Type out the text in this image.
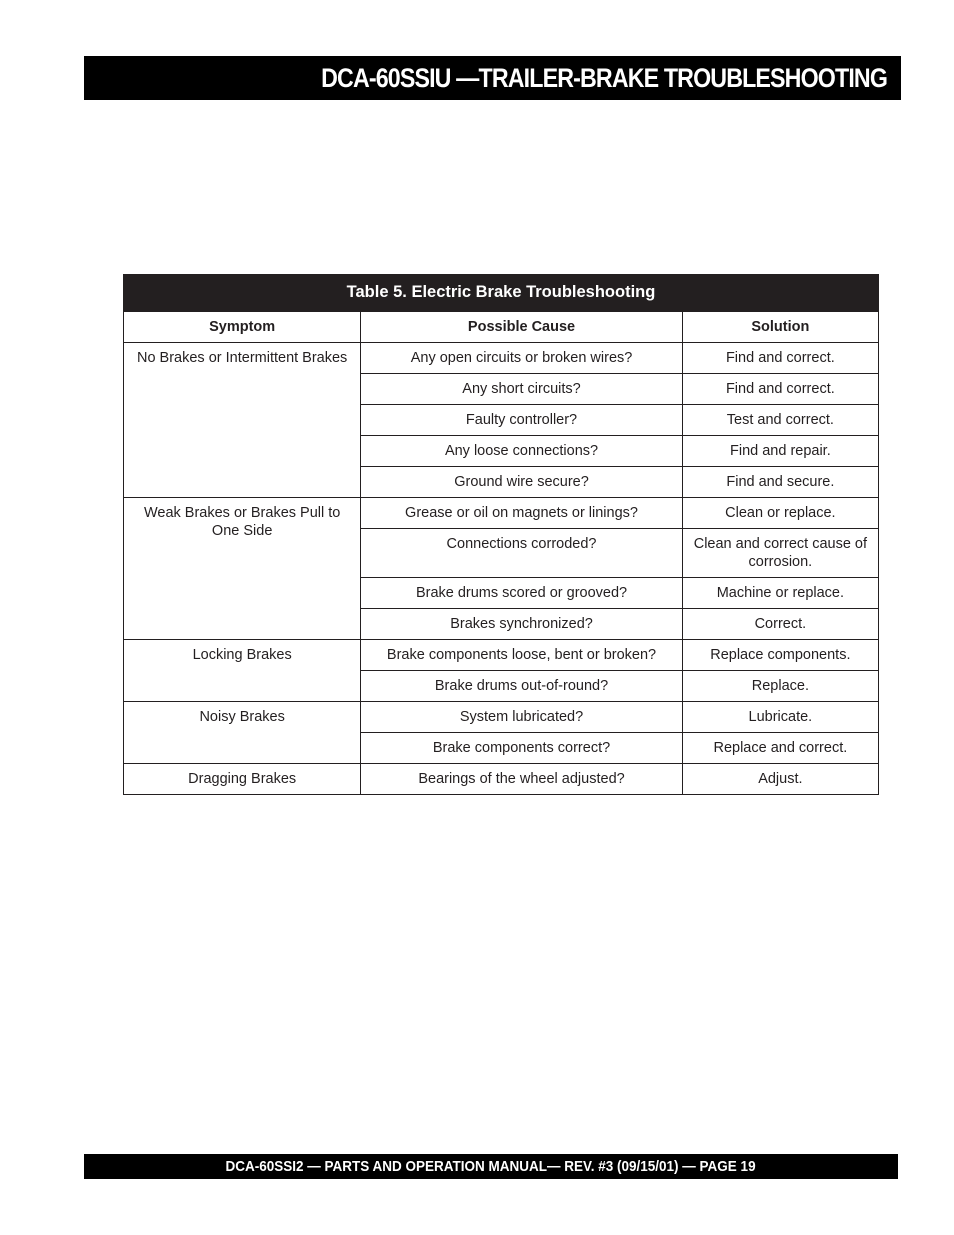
DCA-60SSIU —TRAILER-BRAKE TROUBLESHOOTING
Table 5. Electric Brake Troubleshooting
Symptom	Possible Cause	Solution
No Brakes or Intermittent Brakes	Any open circuits or broken wires?	Find and correct.
	Any short circuits?	Find and correct.
	Faulty controller?	Test and correct.
	Any loose connections?	Find and repair.
	Ground wire secure?	Find and secure.
Weak Brakes or Brakes Pull to One Side	Grease or oil on magnets or linings?	Clean or replace.
	Connections corroded?	Clean and correct cause of corrosion.
	Brake drums scored or grooved?	Machine or replace.
	Brakes synchronized?	Correct.
Locking Brakes	Brake components loose, bent or broken?	Replace components.
	Brake drums out-of-round?	Replace.
Noisy Brakes	System lubricated?	Lubricate.
	Brake components correct?	Replace and correct.
Dragging Brakes	Bearings of the wheel adjusted?	Adjust.
DCA-60SSI2 — PARTS AND OPERATION MANUAL— REV. #3 (09/15/01) — PAGE 19
